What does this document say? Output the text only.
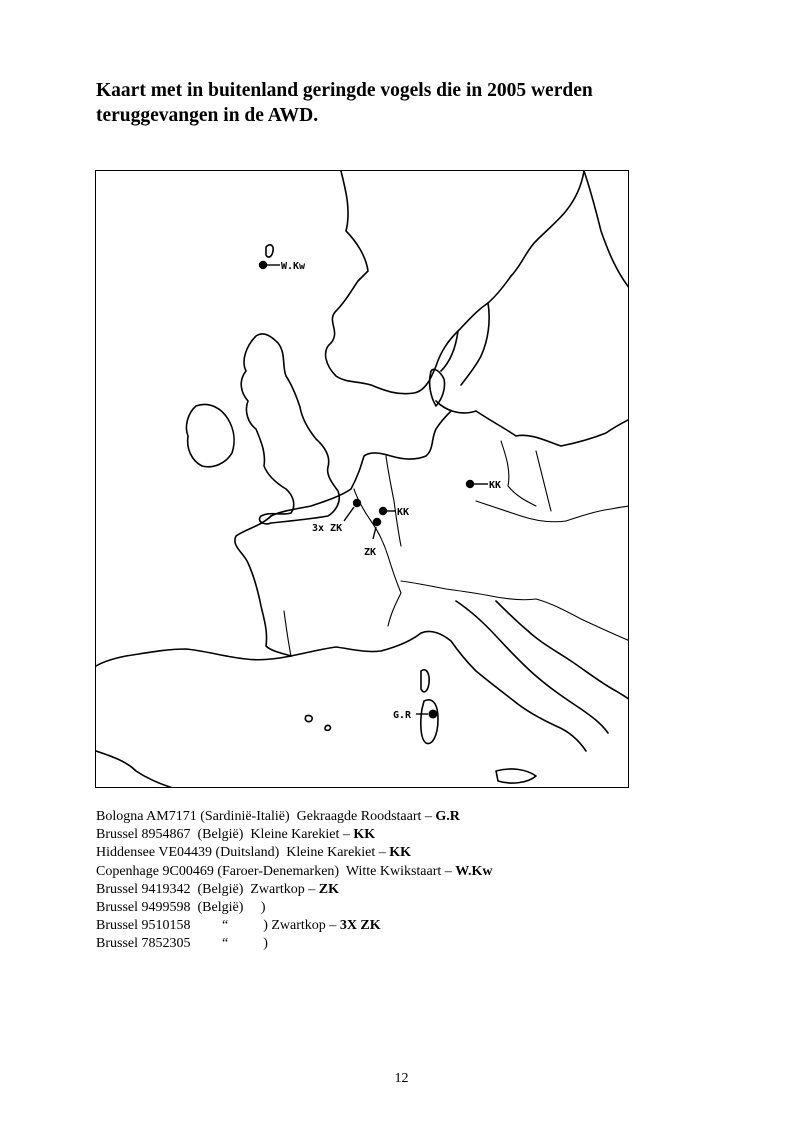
Kaart met in buitenland geringde vogels die in 2005 werden teruggevangen in de AWD.
W.Kw
KK
KK
3x ZK
ZK
G.R
Bologna AM7171 (Sardinië-Italië)  Gekraagde Roodstaart – G.R
Brussel 8954867  (België)  Kleine Karekiet – KK
Hiddensee VE04439 (Duitsland)  Kleine Karekiet – KK
Copenhage 9C00469 (Faroer-Denemarken)  Witte Kwikstaart – W.Kw
Brussel 9419342  (België)  Zwartkop – ZK
Brussel 9499598  (België)     )
Brussel 9510158         “          ) Zwartkop – 3X ZK
Brussel 7852305         “          )
12
